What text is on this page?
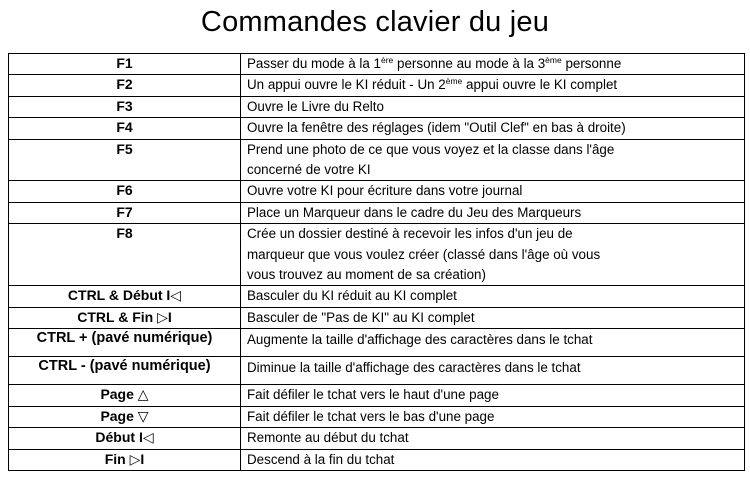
Commandes clavier du jeu
F1	Passer du mode à la 1ère personne au mode à la 3ème personne
F2	Un appui ouvre le KI réduit - Un 2ème appui ouvre le KI complet
F3	Ouvre le Livre du Relto
F4	Ouvre la fenêtre des réglages (idem "Outil Clef" en bas à droite)
F5	Prend une photo de ce que vous voyez et la classe dans l'âge
concerné de votre KI

F6	Ouvre votre KI pour écriture dans votre journal
F7	Place un Marqueur dans le cadre du Jeu des Marqueurs
F8	Crée un dossier destiné à recevoir les infos d'un jeu de
marqueur que vous voulez créer (classé dans l'âge où vous
vous trouvez au moment de sa création)

CTRL & Début I◁	Basculer du KI réduit au KI complet
CTRL & Fin ▷I	Basculer de "Pas de KI" au KI complet
CTRL + (pavé numérique)	Augmente la taille d'affichage des caractères dans le tchat
CTRL - (pavé numérique)	Diminue la taille d'affichage des caractères dans le tchat
Page △	Fait défiler le tchat vers le haut d'une page
Page ▽	Fait défiler le tchat vers le bas d'une page
Début I◁	Remonte au début du tchat
Fin ▷I	Descend à la fin du tchat
